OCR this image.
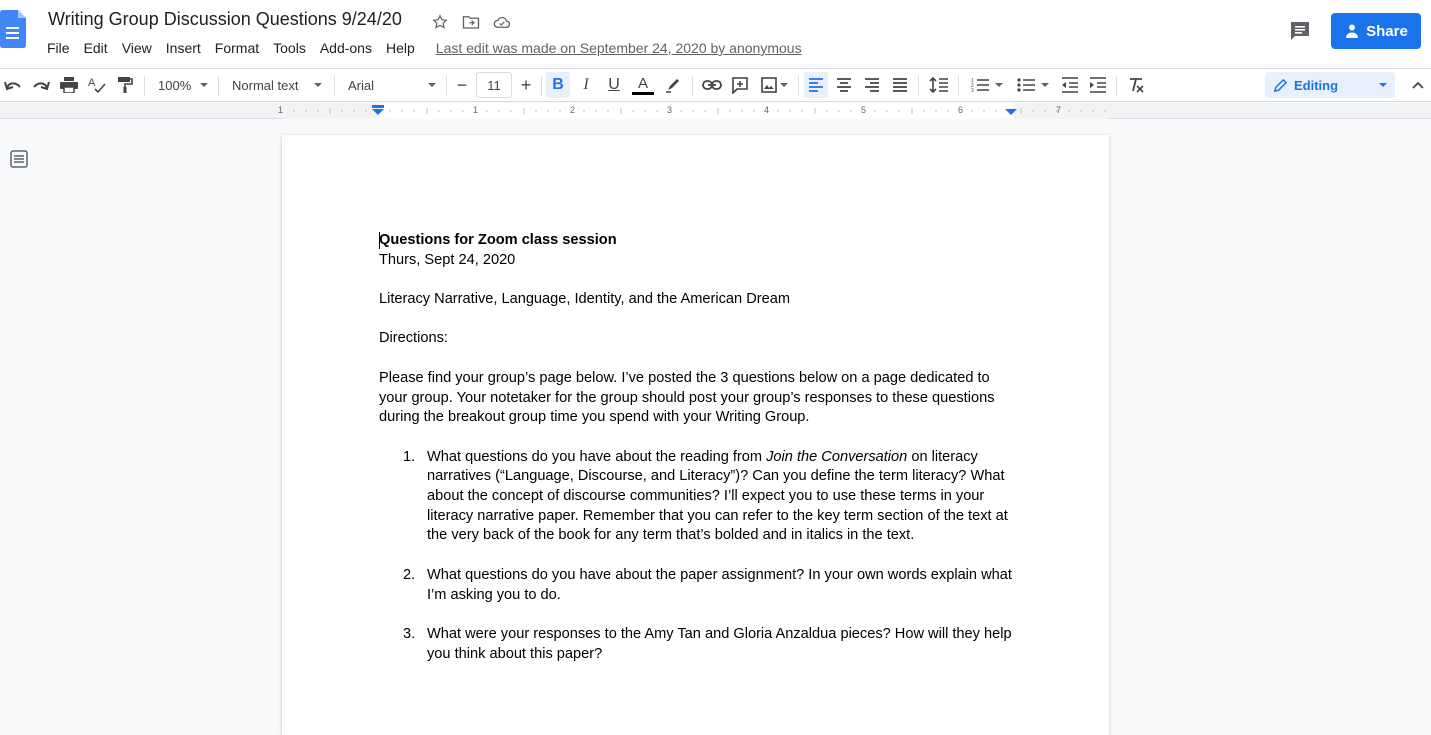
Writing Group Discussion Questions 9/24/20
File	Edit	View	Insert	Format	Tools	Add-ons	Help	Last edit was made on September 24, 2020 by anonymous
Share
A	100%	Normal text	Arial	−	11	+	B	I	U	A	1
2
3	Editing
1	1	2	3	4	5	6	7

Questions for Zoom class session

Thurs, Sept 24, 2020

Literacy Narrative, Language, Identity, and the American Dream

Directions:

Please find your group’s page below. I’ve posted the 3 questions below on a page dedicated to

your group. Your notetaker for the group should post your group’s responses to these questions

during the breakout group time you spend with your Writing Group.

1. What questions do you have about the reading from Join the Conversation on literacy narratives (“Language, Discourse, and Literacy”)? Can you define the term literacy? What about the concept of discourse communities? I’ll expect you to use these terms in your literacy narrative paper. Remember that you can refer to the key term section of the text at the very back of the book for any term that’s bolded and in italics in the text.
2. What questions do you have about the paper assignment? In your own words explain what I’m asking you to do.
3. What were your responses to the Amy Tan and Gloria Anzaldua pieces? How will they help you think about this paper?
